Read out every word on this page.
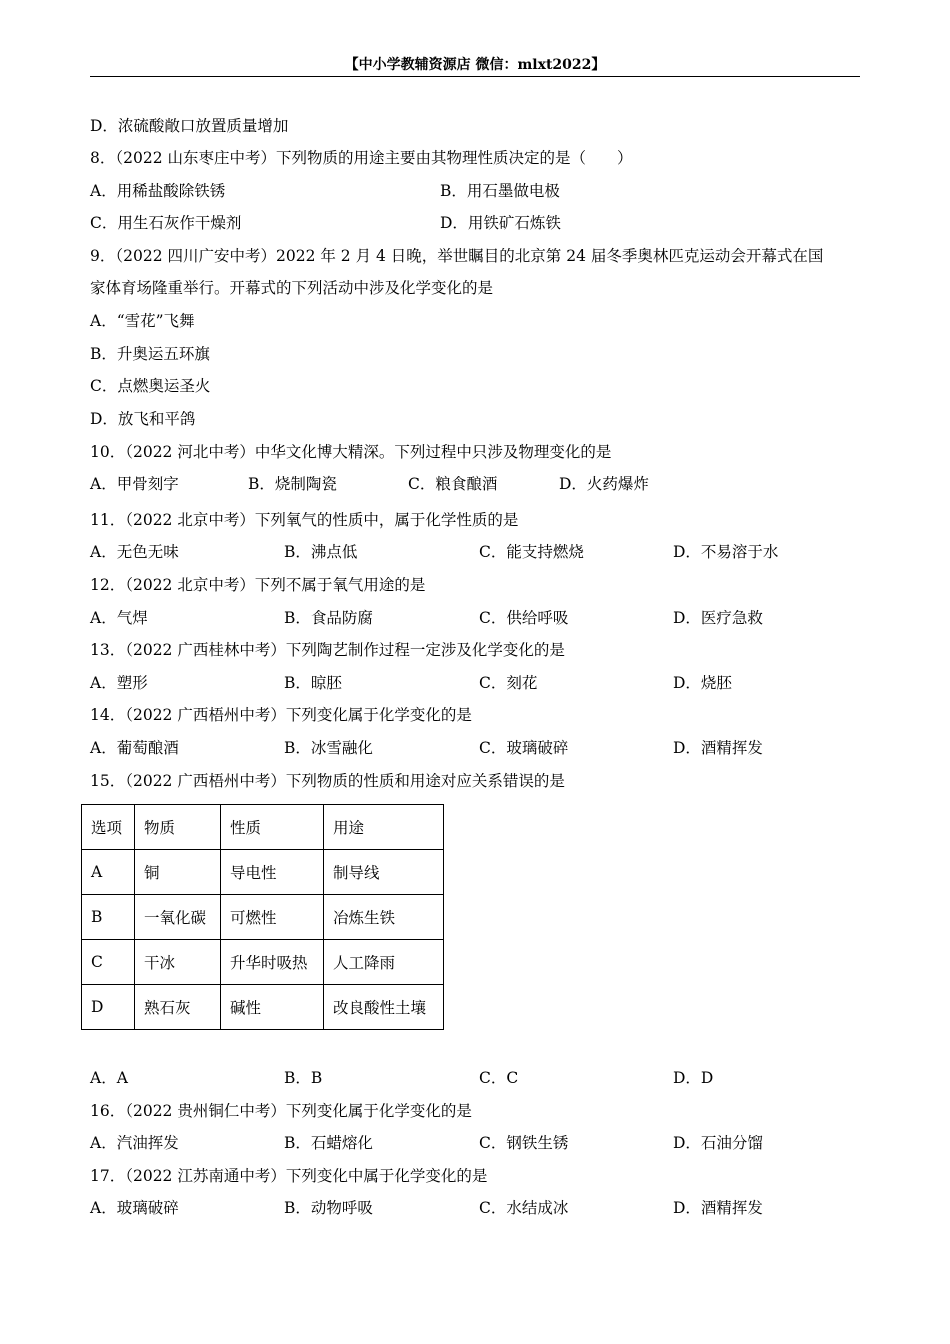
【中小学教辅资源店 微信：mlxt2022】
D．浓硫酸敞口放置质量增加
8．（2022 山东枣庄中考）下列物质的用途主要由其物理性质决定的是（　　）
A．用稀盐酸除铁锈	B．用石墨做电极
C．用生石灰作干燥剂	D．用铁矿石炼铁
9．（2022 四川广安中考）2022 年 2 月 4 日晚，举世瞩目的北京第 24 届冬季奥林匹克运动会开幕式在国
家体育场隆重举行。开幕式的下列活动中涉及化学变化的是
A．“雪花”飞舞
B．升奥运五环旗
C．点燃奥运圣火
D．放飞和平鸽
10．（2022 河北中考）中华文化博大精深。下列过程中只涉及物理变化的是
A．甲骨刻字	B．烧制陶瓷	C．粮食酿酒	D．火药爆炸
11．（2022 北京中考）下列氧气的性质中，属于化学性质的是
A．无色无味	B．沸点低	C．能支持燃烧	D．不易溶于水
12．（2022 北京中考）下列不属于氧气用途的是
A．气焊	B．食品防腐	C．供给呼吸	D．医疗急救
13．（2022 广西桂林中考）下列陶艺制作过程一定涉及化学变化的是
A．塑形	B．晾胚	C．刻花	D．烧胚
14．（2022 广西梧州中考）下列变化属于化学变化的是
A．葡萄酿酒	B．冰雪融化	C．玻璃破碎	D．酒精挥发
15．（2022 广西梧州中考）下列物质的性质和用途对应关系错误的是
选项	物质	性质	用途
A	铜	导电性	制导线
B	一氧化碳	可燃性	冶炼生铁
C	干冰	升华时吸热	人工降雨
D	熟石灰	碱性	改良酸性土壤
A．A	B．B	C．C	D．D
16．（2022 贵州铜仁中考）下列变化属于化学变化的是
A．汽油挥发	B．石蜡熔化	C．钢铁生锈	D．石油分馏
17．（2022 江苏南通中考）下列变化中属于化学变化的是
A．玻璃破碎	B．动物呼吸	C．水结成冰	D．酒精挥发
